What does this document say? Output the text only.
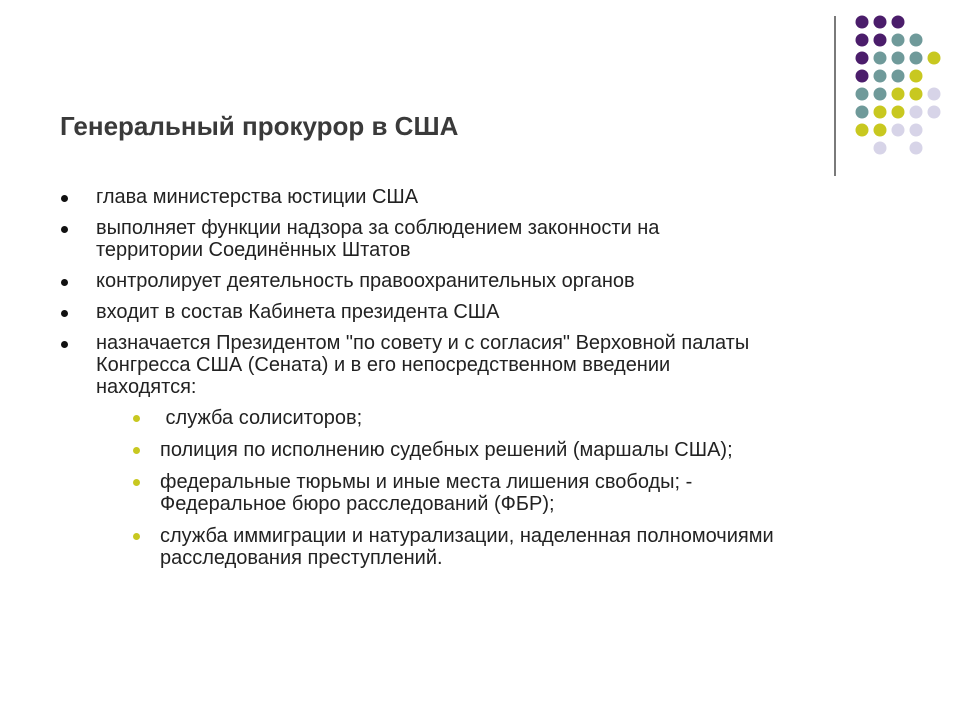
Генеральный прокурор в США
глава министерства юстиции США
выполняет функции надзора за соблюдением законности на
территории Соединённых Штатов
контролирует деятельность правоохранительных органов
входит в состав Кабинета президента США
назначается Президентом "по совету и с согласия" Верховной палаты
Конгресса США (Сената) и в его непосредственном введении
находятся:
служба солиситоров;
полиция по исполнению судебных решений (маршалы США);
федеральные тюрьмы и иные места лишения свободы; -
Федеральное бюро расследований (ФБР);
служба иммиграции и натурализации, наделенная полномочиями
расследования преступлений.
